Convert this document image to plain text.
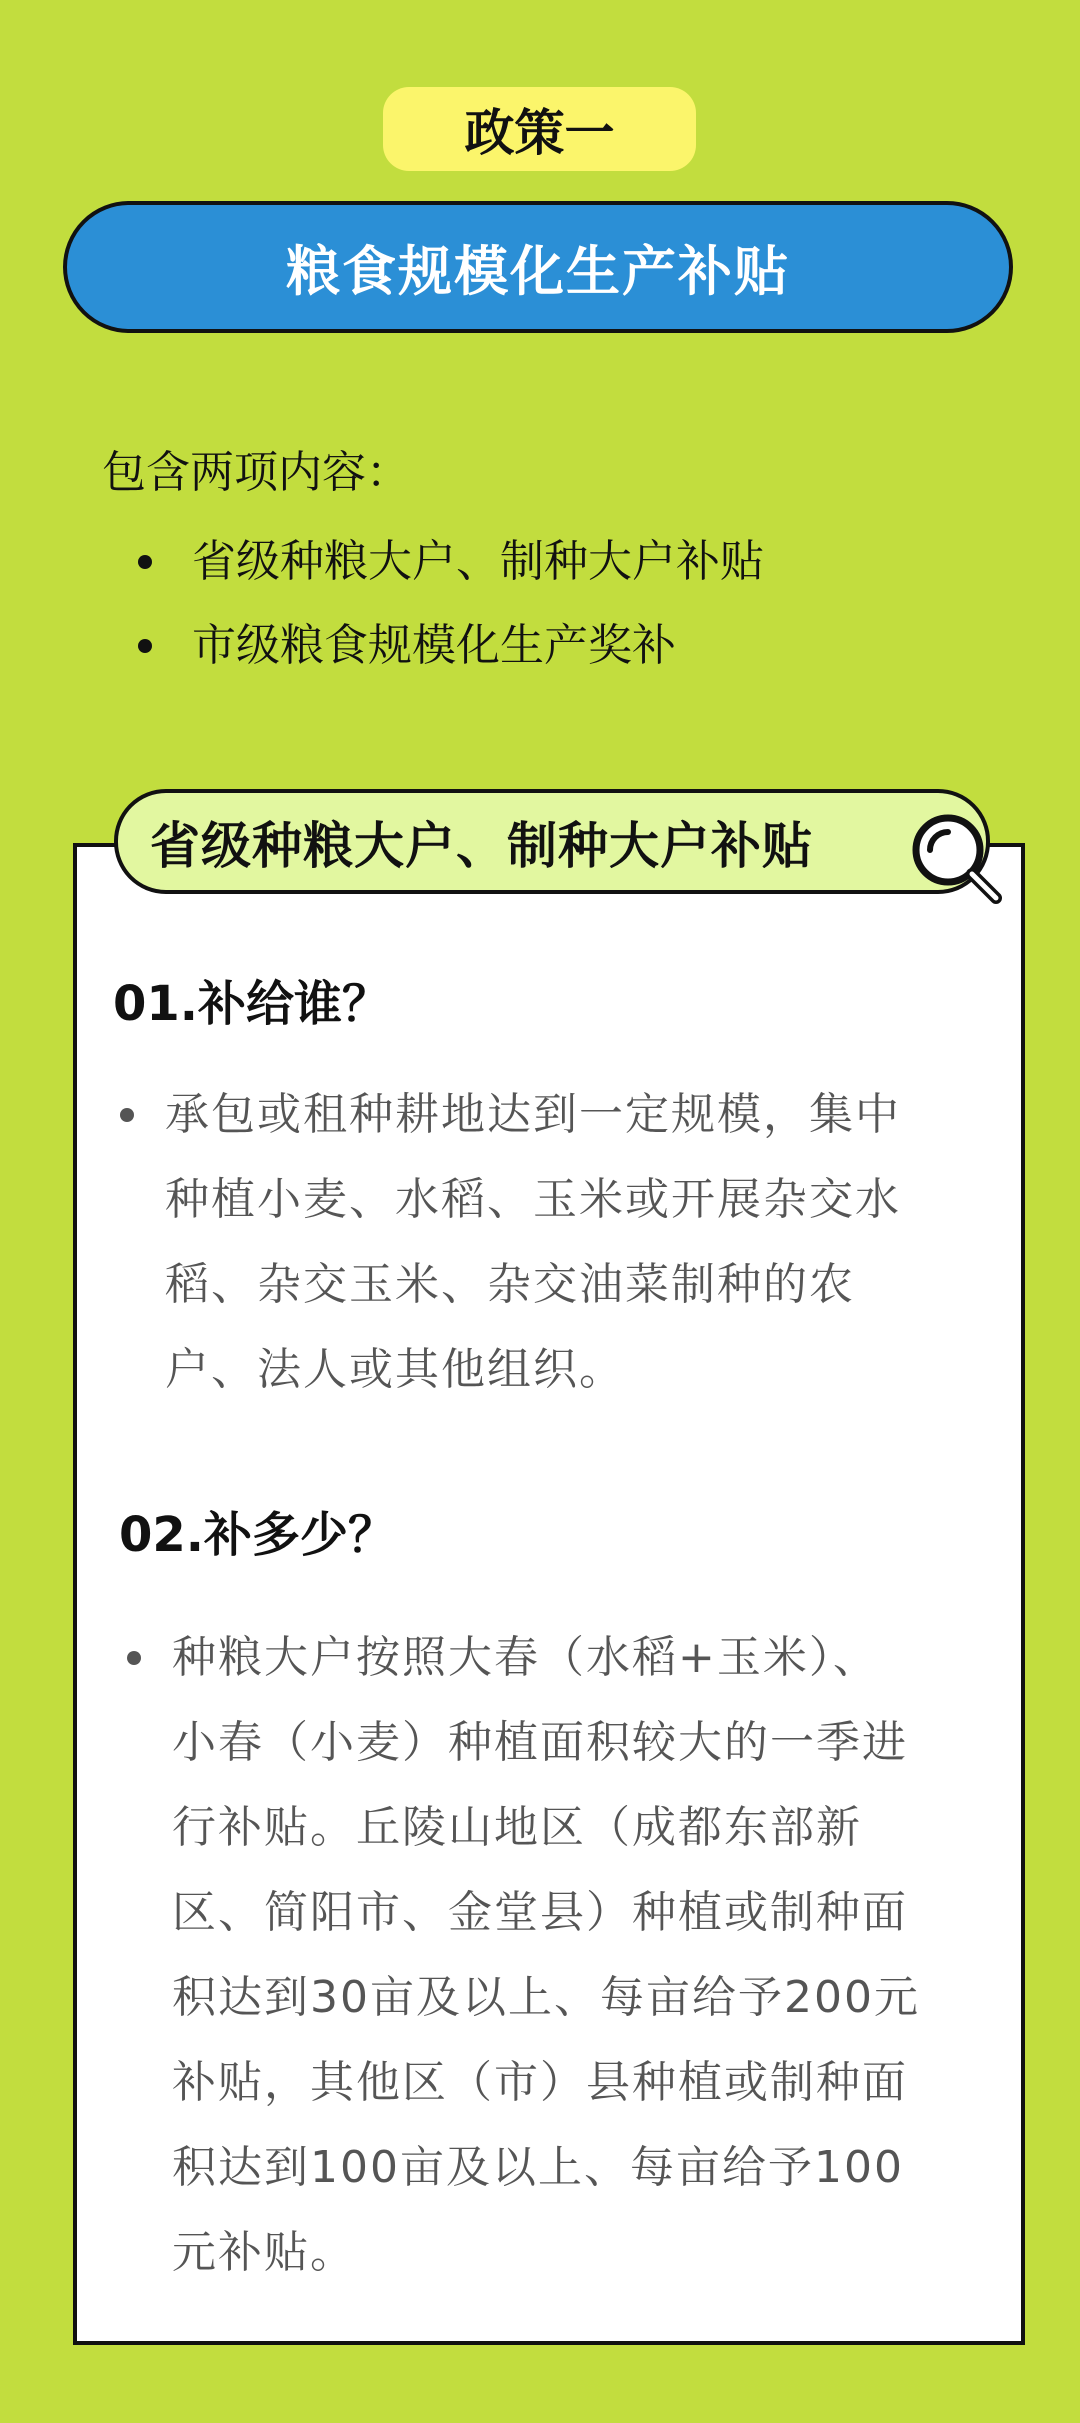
政策一
粮食规模化生产补贴
包含两项内容：
省级种粮大户、制种大户补贴
市级粮食规模化生产奖补
省级种粮大户、制种大户补贴
01.补给谁？
承包或租种耕地达到一定规模，集中
种植小麦、水稻、玉米或开展杂交水
稻、杂交玉米、杂交油菜制种的农
户、法人或其他组织。
02.补多少？
种粮大户按照大春（水稻+玉米）、
小春（小麦）种植面积较大的一季进
行补贴。丘陵山地区（成都东部新
区、简阳市、金堂县）种植或制种面
积达到30亩及以上、每亩给予200元
补贴，其他区（市）县种植或制种面
积达到100亩及以上、每亩给予100
元补贴。
